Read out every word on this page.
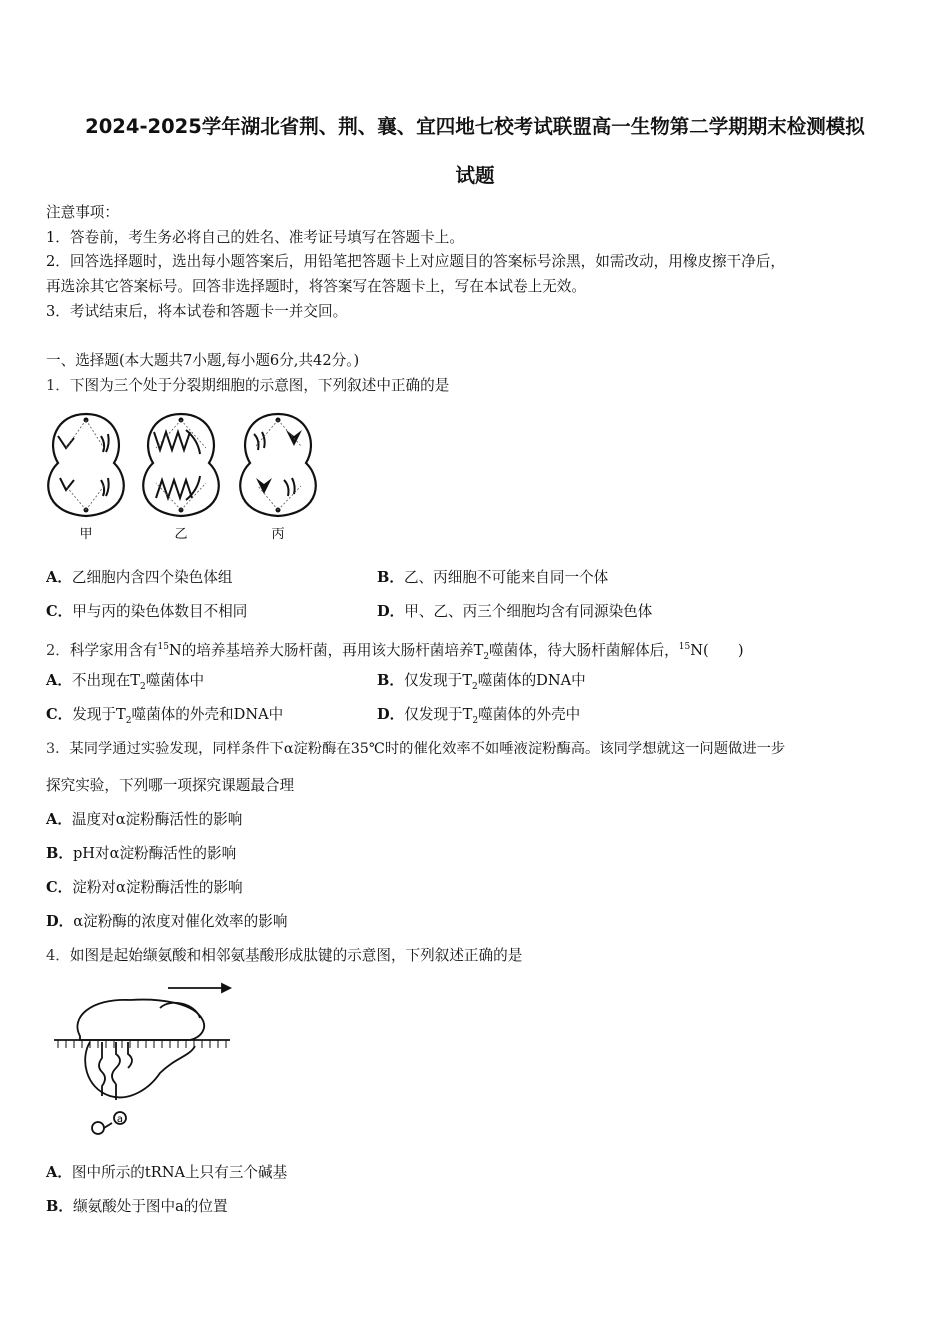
2024-2025学年湖北省荆、荆、襄、宜四地七校考试联盟高一生物第二学期期末检测模拟
试题
注意事项：
1．答卷前，考生务必将自己的姓名、准考证号填写在答题卡上。
2．回答选择题时，选出每小题答案后，用铅笔把答题卡上对应题目的答案标号涂黑，如需改动，用橡皮擦干净后，
再选涂其它答案标号。回答非选择题时，将答案写在答题卡上，写在本试卷上无效。
3．考试结束后，将本试卷和答题卡一并交回。
一、选择题(本大题共7小题,每小题6分,共42分。)
1．下图为三个处于分裂期细胞的示意图，下列叙述中正确的是
甲	乙	丙
A．乙细胞内含四个染色体组	B．乙、丙细胞不可能来自同一个体
C．甲与丙的染色体数目不相同	D．甲、乙、丙三个细胞均含有同源染色体
2．科学家用含有$^{15}$N的培养基培养大肠杆菌，再用该大肠杆菌培养$T_2$噬菌体，待大肠杆菌解体后，$^{15}$N(　　)
A．不出现在$T_2$噬菌体中	B．仅发现于$T_2$噬菌体的DNA中
C．发现于$T_2$噬菌体的外壳和DNA中	D．仅发现于$T_2$噬菌体的外壳中
3．某同学通过实验发现，同样条件下α淀粉酶在35℃时的催化效率不如唾液淀粉酶高。该同学想就这一问题做进一步
探究实验，下列哪一项探究课题最合理
A．温度对α淀粉酶活性的影响
B．pH对α淀粉酶活性的影响
C．淀粉对α淀粉酶活性的影响
D．α淀粉酶的浓度对催化效率的影响
4．如图是起始缬氨酸和相邻氨基酸形成肽键的示意图，下列叙述正确的是
a
A．图中所示的tRNA上只有三个碱基
B．缬氨酸处于图中a的位置
